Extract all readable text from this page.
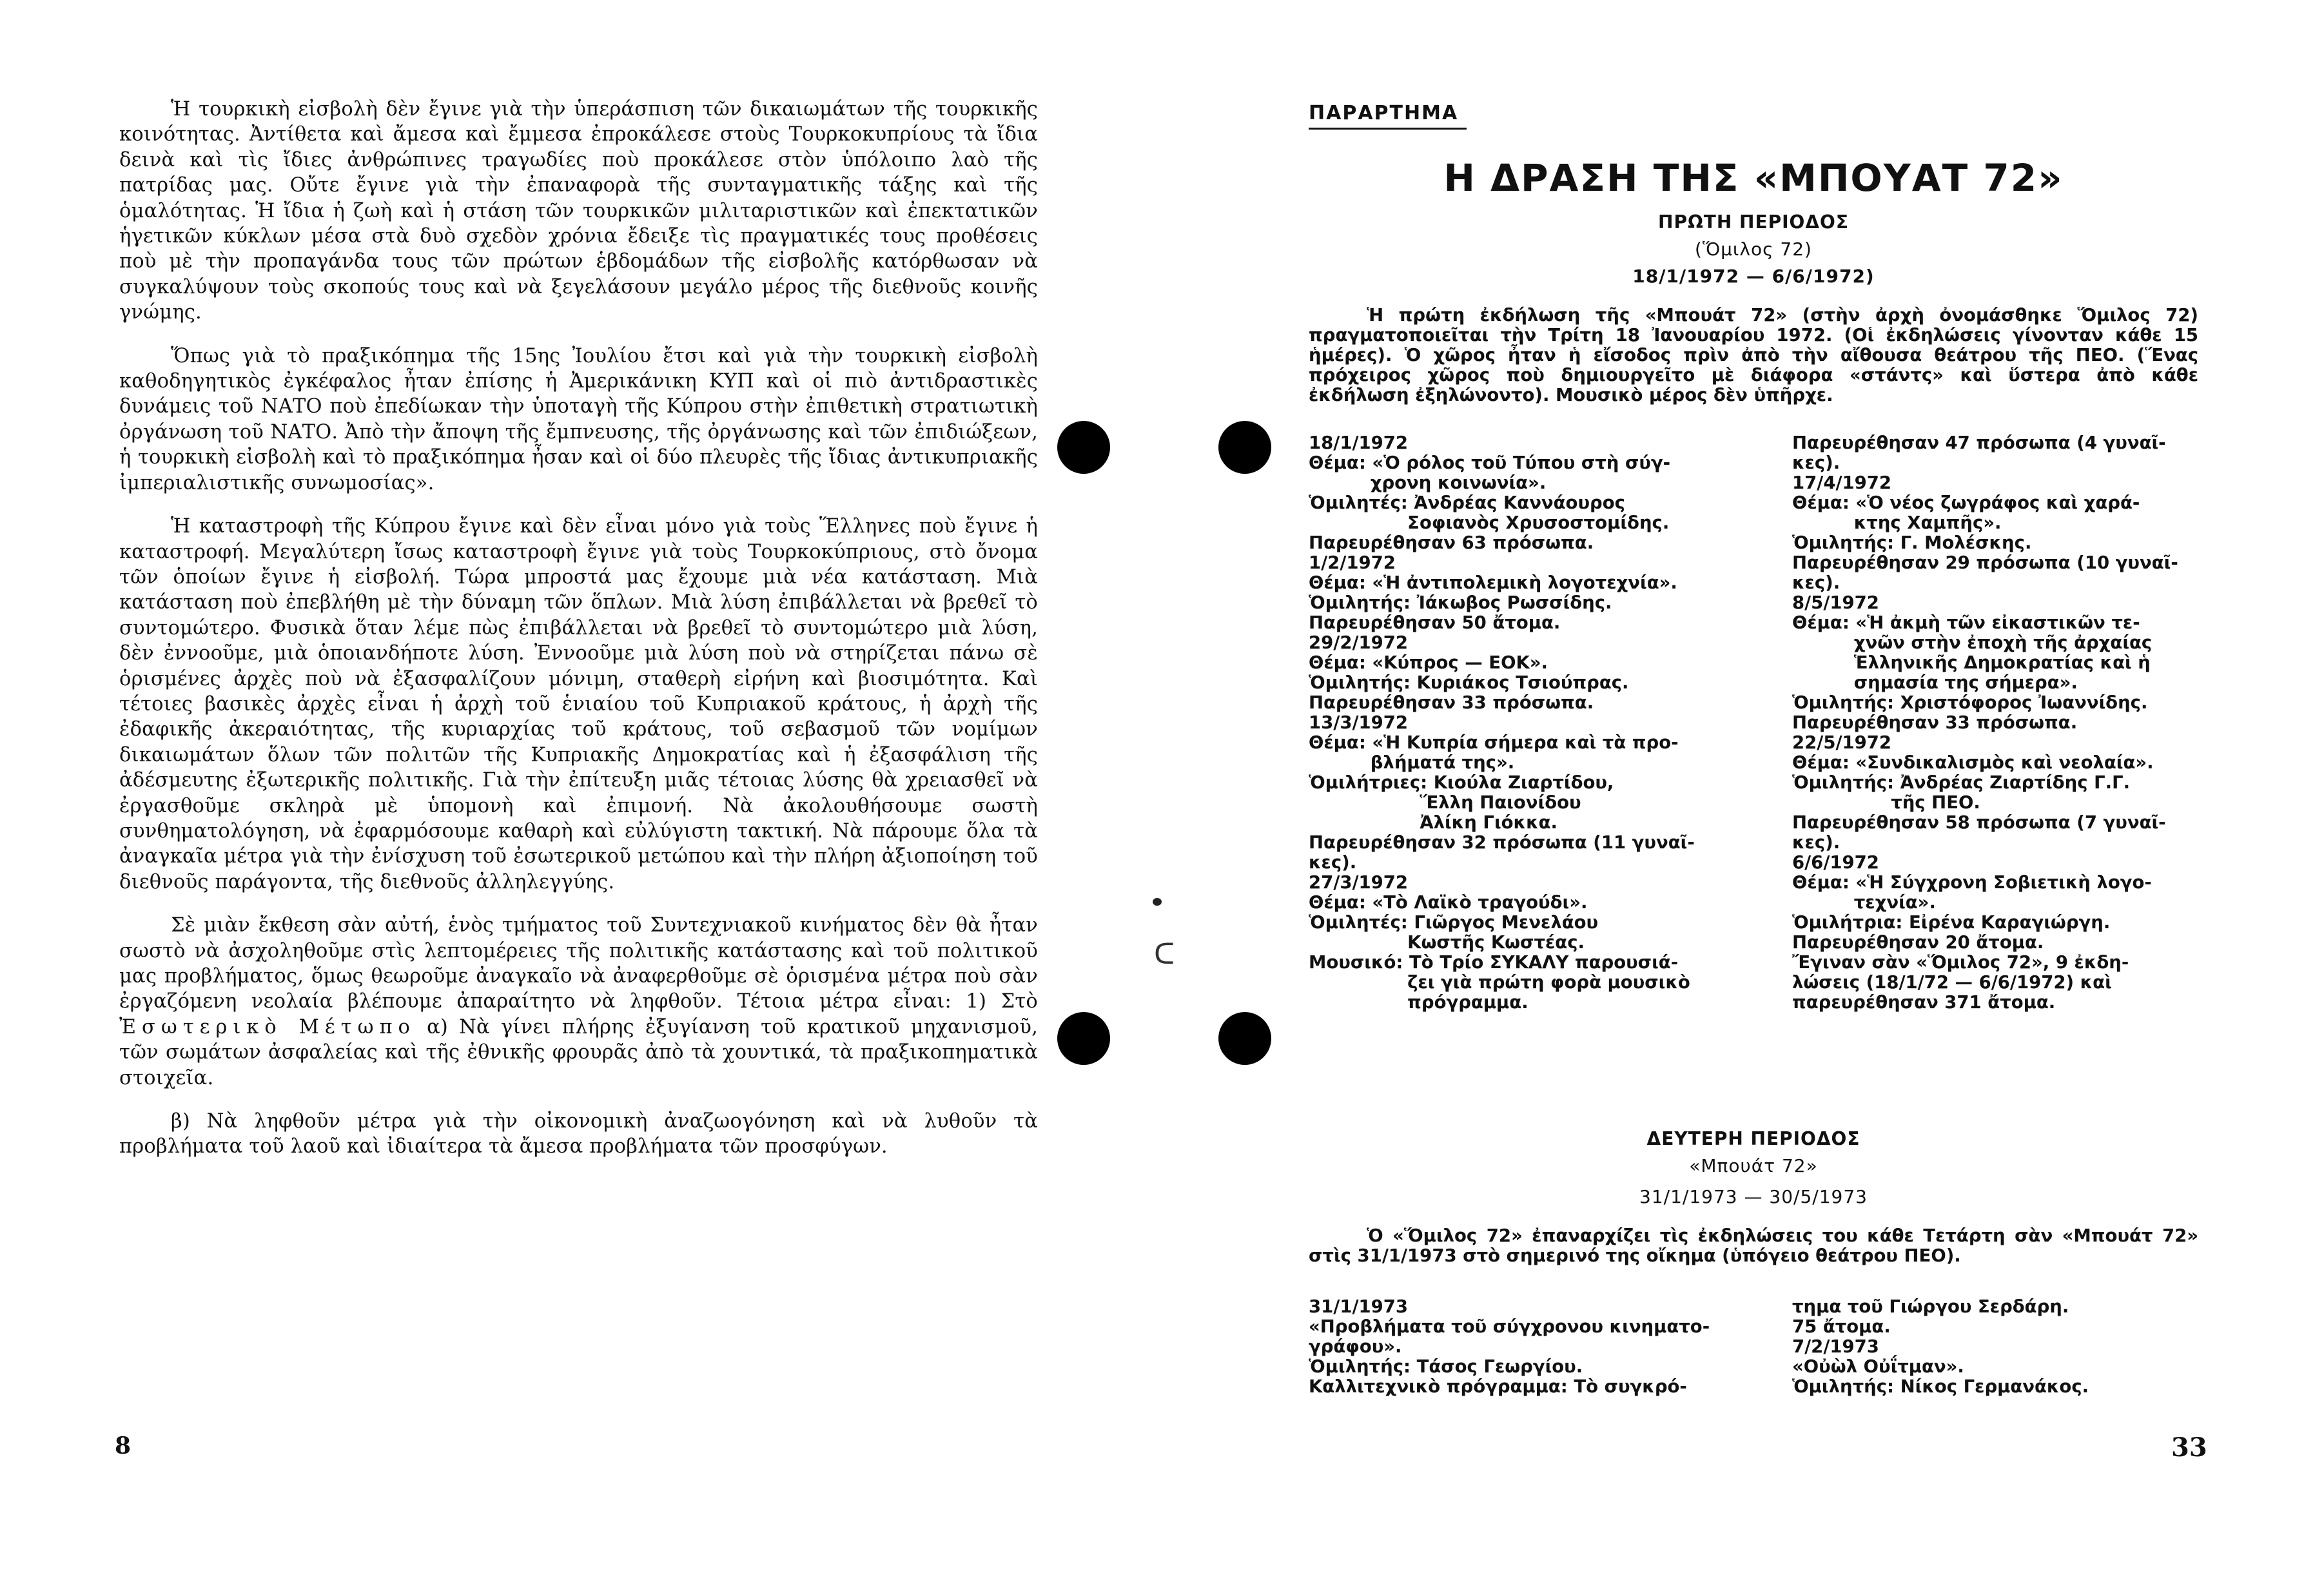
Ἡ τουρκικὴ εἰσβολὴ δὲν ἔγινε γιὰ τὴν ὑπεράσπιση τῶν δικαιωμάτων τῆς τουρκικῆς κοινότητας. Ἀντίθετα καὶ ἄμεσα καὶ ἔμμεσα ἐπροκάλεσε στοὺς Τουρκοκυπρίους τὰ ἴδια δεινὰ καὶ τὶς ἴδιες ἀνθρώπινες τραγωδίες ποὺ προκάλεσε στὸν ὑπόλοιπο λαὸ τῆς πατρίδας μας. Οὔτε ἔγινε γιὰ τὴν ἐπαναφορὰ τῆς συνταγματικῆς τάξης καὶ τῆς ὁμαλότητας. Ἡ ἴδια ἡ ζωὴ καὶ ἡ στάση τῶν τουρκικῶν μιλιταριστικῶν καὶ ἐπεκτατικῶν ἡγετικῶν κύκλων μέσα στὰ δυὸ σχεδὸν χρόνια ἔδειξε τὶς πραγματικές τους προθέσεις ποὺ μὲ τὴν προπαγάνδα τους τῶν πρώτων ἑβδομάδων τῆς εἰσβολῆς κατόρθωσαν νὰ συγκαλύψουν τοὺς σκοπούς τους καὶ νὰ ξεγελάσουν μεγάλο μέρος τῆς διεθνοῦς κοινῆς γνώμης.

Ὅπως γιὰ τὸ πραξικόπημα τῆς 15ης Ἰουλίου ἔτσι καὶ γιὰ τὴν τουρκικὴ εἰσβολὴ καθοδηγητικὸς ἐγκέφαλος ἦταν ἐπίσης ἡ Ἀμερικάνικη ΚΥΠ καὶ οἱ πιὸ ἀντιδραστικὲς δυνάμεις τοῦ ΝΑΤΟ ποὺ ἐπεδίωκαν τὴν ὑποταγὴ τῆς Κύπρου στὴν ἐπιθετικὴ στρατιωτικὴ ὀργάνωση τοῦ ΝΑΤΟ. Ἀπὸ τὴν ἄποψη τῆς ἔμπνευσης, τῆς ὀργάνωσης καὶ τῶν ἐπιδιώξεων, ἡ τουρκικὴ εἰσβολὴ καὶ τὸ πραξικόπημα ἦσαν καὶ οἱ δύο πλευρὲς τῆς ἴδιας ἀντικυπριακῆς ἰμπεριαλιστικῆς συνωμοσίας».

Ἡ καταστροφὴ τῆς Κύπρου ἔγινε καὶ δὲν εἶναι μόνο γιὰ τοὺς Ἕλληνες ποὺ ἔγινε ἡ καταστροφή. Μεγαλύτερη ἴσως καταστροφὴ ἔγινε γιὰ τοὺς Τουρκοκύπριους, στὸ ὄνομα τῶν ὁποίων ἔγινε ἡ εἰσβολή. Τώρα μπροστά μας ἔχουμε μιὰ νέα κατάσταση. Μιὰ κατάσταση ποὺ ἐπεβλήθη μὲ τὴν δύναμη τῶν ὅπλων. Μιὰ λύση ἐπιβάλλεται νὰ βρεθεῖ τὸ συντομώτερο. Φυσικὰ ὅταν λέμε πὼς ἐπιβάλλεται νὰ βρεθεῖ τὸ συντομώτερο μιὰ λύση, δὲν ἐννοοῦμε, μιὰ ὁποιανδήποτε λύση. Ἐννοοῦμε μιὰ λύση ποὺ νὰ στηρίζεται πάνω σὲ ὁρισμένες ἀρχὲς ποὺ νὰ ἐξασφαλίζουν μόνιμη, σταθερὴ εἰρήνη καὶ βιοσιμότητα. Καὶ τέτοιες βασικὲς ἀρχὲς εἶναι ἡ ἀρχὴ τοῦ ἑνιαίου τοῦ Κυπριακοῦ κράτους, ἡ ἀρχὴ τῆς ἐδαφικῆς ἀκεραιότητας, τῆς κυριαρχίας τοῦ κράτους, τοῦ σεβασμοῦ τῶν νομίμων δικαιωμάτων ὅλων τῶν πολιτῶν τῆς Κυπριακῆς Δημοκρατίας καὶ ἡ ἐξασφάλιση τῆς ἀδέσμευτης ἐξωτερικῆς πολιτικῆς. Γιὰ τὴν ἐπίτευξη μιᾶς τέτοιας λύσης θὰ χρειασθεῖ νὰ ἐργασθοῦμε σκληρὰ μὲ ὑπομονὴ καὶ ἐπιμονή. Νὰ ἀκολουθήσουμε σωστὴ συνθηματολόγηση, νὰ ἐφαρμόσουμε καθαρὴ καὶ εὐλύγιστη τακτική. Νὰ πάρουμε ὅλα τὰ ἀναγκαῖα μέτρα γιὰ τὴν ἐνίσχυση τοῦ ἐσωτερικοῦ μετώπου καὶ τὴν πλήρη ἀξιοποίηση τοῦ διεθνοῦς παράγοντα, τῆς διεθνοῦς ἀλληλεγγύης.

Σὲ μιὰν ἔκθεση σὰν αὐτή, ἑνὸς τμήματος τοῦ Συντεχνιακοῦ κινήματος δὲν θὰ ἦταν σωστὸ νὰ ἀσχοληθοῦμε στὶς λεπτομέρειες τῆς πολιτικῆς κατάστασης καὶ τοῦ πολιτικοῦ μας προβλήματος, ὅμως θεωροῦμε ἀναγκαῖο νὰ ἀναφερθοῦμε σὲ ὁρισμένα μέτρα ποὺ σὰν ἐργαζόμενη νεολαία βλέπουμε ἀπαραίτητο νὰ ληφθοῦν. Τέτοια μέτρα εἶναι: 1) Στὸ Ἐσωτερικὸ Μέτωπο α) Νὰ γίνει πλήρης ἐξυγίανση τοῦ κρατικοῦ μηχανισμοῦ, τῶν σωμάτων ἀσφαλείας καὶ τῆς ἐθνικῆς φρουρᾶς ἀπὸ τὰ χουντικά, τὰ πραξικοπηματικὰ στοιχεῖα.

β) Νὰ ληφθοῦν μέτρα γιὰ τὴν οἰκονομικὴ ἀναζωογόνηση καὶ νὰ λυθοῦν τὰ προβλήματα τοῦ λαοῦ καὶ ἰδιαίτερα τὰ ἄμεσα προβλήματα τῶν προσφύγων.

8
ᑕ
ΠΑΡΑΡΤΗΜΑ
Η ΔΡΑΣΗ ΤΗΣ «ΜΠΟΥΑΤ 72»
ΠΡΩΤΗ ΠΕΡΙΟΔΟΣ
(Ὅμιλος 72)
18/1/1972 — 6/6/1972)
Ἡ πρώτη ἐκδήλωση τῆς «Μπουάτ 72» (στὴν ἀρχὴ ὀνομάσθηκε Ὅμιλος 72) πραγματοποιεῖται τὴν Τρίτη 18 Ἰανουαρίου 1972. (Οἱ ἐκδηλώσεις γίνονταν κάθε 15 ἡμέρες). Ὁ χῶρος ἦταν ἡ εἴσοδος πρὶν ἀπὸ τὴν αἴθουσα θεάτρου τῆς ΠΕΟ. (Ἕνας πρόχειρος χῶρος ποὺ δημιουργεῖτο μὲ διάφορα «στάντς» καὶ ὕστερα ἀπὸ κάθε ἐκδήλωση ἐξηλώνοντο). Μουσικὸ μέρος δὲν ὑπῆρχε.
18/1/1972
Θέμα: «Ὁ ρόλος τοῦ Τύπου στὴ σύγ-
χρονη κοινωνία».
Ὁμιλητές: Ἀνδρέας Καννάουρος
Σοφιανὸς Χρυσοστομίδης.
Παρευρέθησαν 63 πρόσωπα.
1/2/1972
Θέμα: «Ἡ ἀντιπολεμικὴ λογοτεχνία».
Ὁμιλητής: Ἰάκωβος Ρωσσίδης.
Παρευρέθησαν 50 ἄτομα.
29/2/1972
Θέμα: «Κύπρος — ΕΟΚ».
Ὁμιλητής: Κυριάκος Τσιούπρας.
Παρευρέθησαν 33 πρόσωπα.
13/3/1972
Θέμα: «Ἡ Κυπρία σήμερα καὶ τὰ προ-
βλήματά της».
Ὁμιλήτριες: Κιούλα Ζιαρτίδου,
Ἕλλη Παιονίδου
Ἀλίκη Γιόκκα.
Παρευρέθησαν 32 πρόσωπα (11 γυναῖ-
κες).
27/3/1972
Θέμα: «Τὸ Λαϊκὸ τραγούδι».
Ὁμιλητές: Γιῶργος Μενελάου
Κωστῆς Κωστέας.
Μουσικό: Τὸ Τρίο ΣΥΚΑΛΥ παρουσιά-
ζει γιὰ πρώτη φορὰ μουσικὸ
πρόγραμμα.
Παρευρέθησαν 47 πρόσωπα (4 γυναῖ-
κες).
17/4/1972
Θέμα: «Ὁ νέος ζωγράφος καὶ χαρά-
κτης Χαμπῆς».
Ὁμιλητής: Γ. Μολέσκης.
Παρευρέθησαν 29 πρόσωπα (10 γυναῖ-
κες).
8/5/1972
Θέμα: «Ἡ ἀκμὴ τῶν εἰκαστικῶν τε-
χνῶν στὴν ἐποχὴ τῆς ἀρχαίας
Ἑλληνικῆς Δημοκρατίας καὶ ἡ
σημασία της σήμερα».
Ὁμιλητής: Χριστόφορος Ἰωαννίδης.
Παρευρέθησαν 33 πρόσωπα.
22/5/1972
Θέμα: «Συνδικαλισμὸς καὶ νεολαία».
Ὁμιλητής: Ἀνδρέας Ζιαρτίδης Γ.Γ.
τῆς ΠΕΟ.
Παρευρέθησαν 58 πρόσωπα (7 γυναῖ-
κες).
6/6/1972
Θέμα: «Ἡ Σύγχρονη Σοβιετικὴ λογο-
τεχνία».
Ὁμιλήτρια: Εἰρένα Καραγιώργη.
Παρευρέθησαν 20 ἄτομα.
Ἔγιναν σὰν «Ὅμιλος 72», 9 ἐκδη-
λώσεις (18/1/72 — 6/6/1972) καὶ
παρευρέθησαν 371 ἄτομα.
ΔΕΥΤΕΡΗ ΠΕΡΙΟΔΟΣ
«Μπουάτ 72»
31/1/1973 — 30/5/1973
Ὁ «Ὅμιλος 72» ἐπαναρχίζει τὶς ἐκδηλώσεις του κάθε Τετάρτη σὰν «Μπουάτ 72» στὶς 31/1/1973 στὸ σημερινό της οἴκημα (ὑπόγειο θεάτρου ΠΕΟ).
31/1/1973
«Προβλήματα τοῦ σύγχρονου κινηματο-
γράφου».
Ὁμιλητής: Τάσος Γεωργίου.
Καλλιτεχνικὸ πρόγραμμα: Τὸ συγκρό-
τημα τοῦ Γιώργου Σερδάρη.
75 ἄτομα.
7/2/1973
«Οὐὼλ Οὐΐτμαν».
Ὁμιλητής: Νίκος Γερμανάκος.
33
